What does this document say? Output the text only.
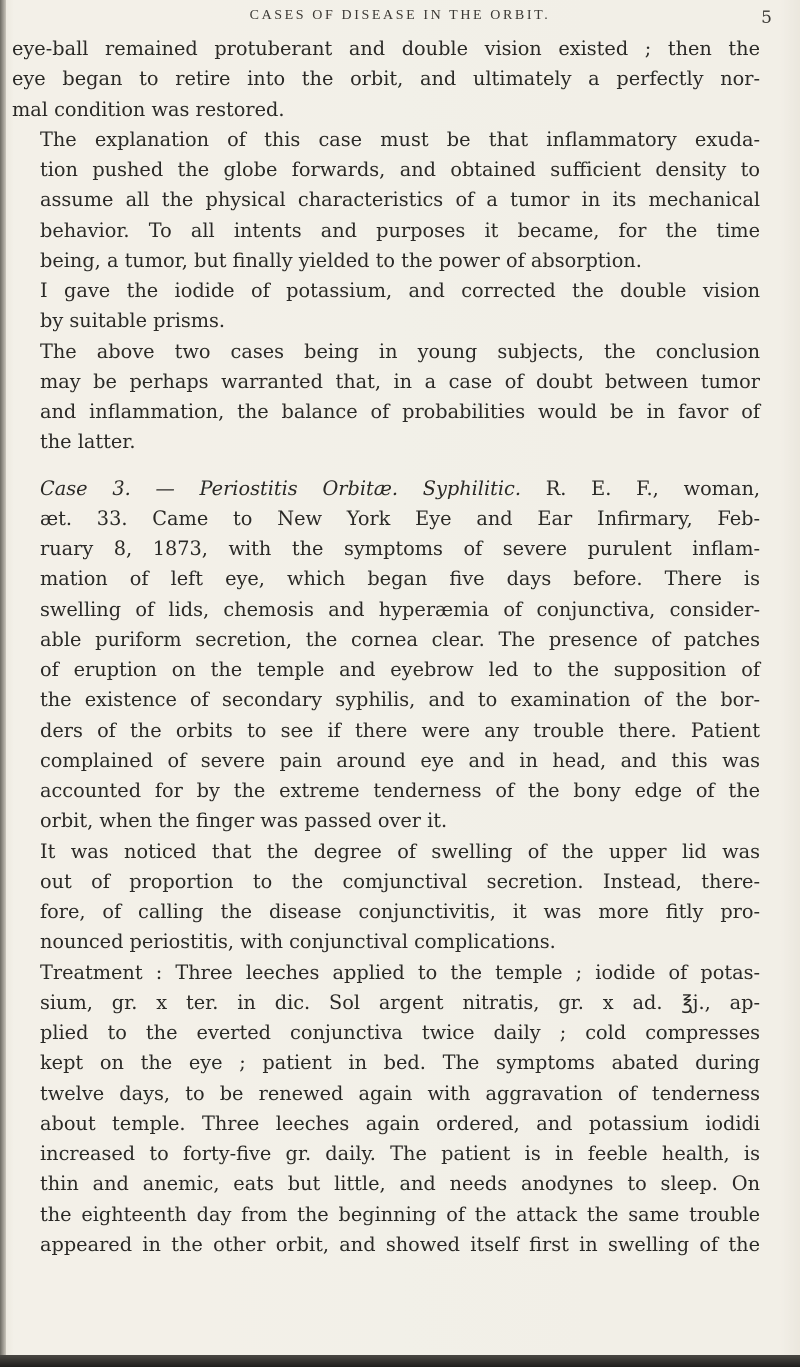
CASES OF DISEASE IN THE ORBIT.	5

eye-ball remained protuberant and double vision existed ; then the
eye began to retire into the orbit, and ultimately a perfectly nor-
mal condition was restored.

The explanation of this case must be that inflammatory exuda-
tion pushed the globe forwards, and obtained sufficient density to
assume all the physical characteristics of a tumor in its mechanical
behavior. To all intents and purposes it became, for the time
being, a tumor, but finally yielded to the power of absorption.

I gave the iodide of potassium, and corrected the double vision
by suitable prisms.

The above two cases being in young subjects, the conclusion
may be perhaps warranted that, in a case of doubt between tumor
and inflammation, the balance of probabilities would be in favor of
the latter.

Case 3. — Periostitis Orbitæ. Syphilitic. R. E. F., woman,
æt. 33. Came to New York Eye and Ear Infirmary, Feb-
ruary 8, 1873, with the symptoms of severe purulent inflam-
mation of left eye, which began five days before. There is
swelling of lids, chemosis and hyperæmia of conjunctiva, consider-
able puriform secretion, the cornea clear. The presence of patches
of eruption on the temple and eyebrow led to the supposition of
the existence of secondary syphilis, and to examination of the bor-
ders of the orbits to see if there were any trouble there. Patient
complained of severe pain around eye and in head, and this was
accounted for by the extreme tenderness of the bony edge of the
orbit, when the finger was passed over it.

It was noticed that the degree of swelling of the upper lid was
out of proportion to the comjunctival secretion. Instead, there-
fore, of calling the disease conjunctivitis, it was more fitly pro-
nounced periostitis, with conjunctival complications.

Treatment : Three leeches applied to the temple ; iodide of potas-
sium, gr. x ter. in dic. Sol argent nitratis, gr. x ad. ℥j., ap-
plied to the everted conjunctiva twice daily ; cold compresses
kept on the eye ; patient in bed. The symptoms abated during
twelve days, to be renewed again with aggravation of tenderness
about temple. Three leeches again ordered, and potassium iodidi
increased to forty-five gr. daily. The patient is in feeble health, is
thin and anemic, eats but little, and needs anodynes to sleep. On
the eighteenth day from the beginning of the attack the same trouble
appeared in the other orbit, and showed itself first in swelling of the
